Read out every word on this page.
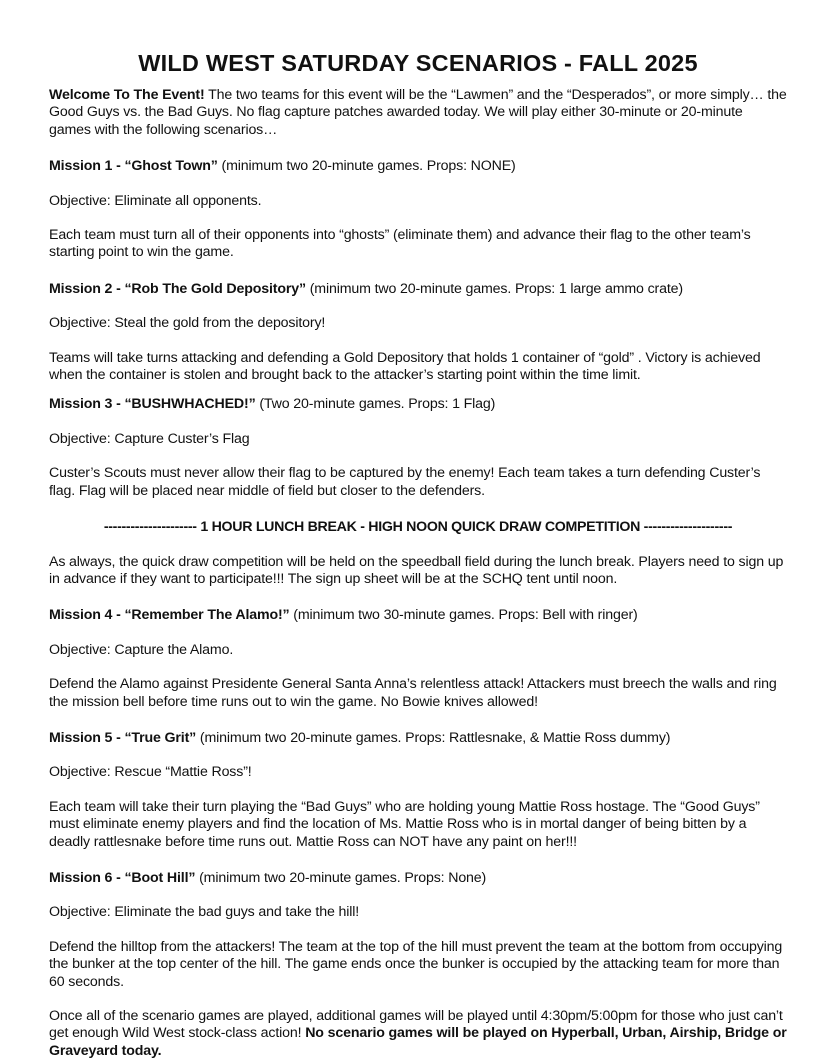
WILD WEST SATURDAY SCENARIOS - FALL 2025

Welcome To The Event! The two teams for this event will be the “Lawmen” and the “Desperados”, or more simply… the Good Guys vs. the Bad Guys. No flag capture patches awarded today. We will play either 30-minute or 20-minute games with the following scenarios…

Mission 1 - “Ghost Town” (minimum two 20-minute games. Props: NONE)

Objective: Eliminate all opponents.

Each team must turn all of their opponents into “ghosts” (eliminate them) and advance their flag to the other team’s starting point to win the game.

Mission 2 - “Rob The Gold Depository” (minimum two 20-minute games. Props: 1 large ammo crate)

Objective: Steal the gold from the depository!

Teams will take turns attacking and defending a Gold Depository that holds 1 container of “gold” . Victory is achieved when the container is stolen and brought back to the attacker’s starting point within the time limit.

Mission 3 - “BUSHWHACHED!” (Two 20-minute games. Props: 1 Flag)

Objective: Capture Custer’s Flag

Custer’s Scouts must never allow their flag to be captured by the enemy! Each team takes a turn defending Custer’s flag. Flag will be placed near middle of field but closer to the defenders.

--------------------- 1 HOUR LUNCH BREAK - HIGH NOON QUICK DRAW COMPETITION --------------------

As always, the quick draw competition will be held on the speedball field during the lunch break. Players need to sign up in advance if they want to participate!!! The sign up sheet will be at the SCHQ tent until noon.

Mission 4 - “Remember The Alamo!” (minimum two 30-minute games. Props: Bell with ringer)

Objective: Capture the Alamo.

Defend the Alamo against Presidente General Santa Anna’s relentless attack! Attackers must breech the walls and ring the mission bell before time runs out to win the game. No Bowie knives allowed!

Mission 5 - “True Grit” (minimum two 20-minute games. Props: Rattlesnake, & Mattie Ross dummy)

Objective: Rescue “Mattie Ross”!

Each team will take their turn playing the “Bad Guys” who are holding young Mattie Ross hostage. The “Good Guys” must eliminate enemy players and find the location of Ms. Mattie Ross who is in mortal danger of being bitten by a deadly rattlesnake before time runs out. Mattie Ross can NOT have any paint on her!!!

Mission 6 - “Boot Hill” (minimum two 20-minute games. Props: None)

Objective: Eliminate the bad guys and take the hill!

Defend the hilltop from the attackers! The team at the top of the hill must prevent the team at the bottom from occupying the bunker at the top center of the hill. The game ends once the bunker is occupied by the attacking team for more than 60 seconds.

Once all of the scenario games are played, additional games will be played until 4:30pm/5:00pm for those who just can’t get enough Wild West stock-class action! No scenario games will be played on Hyperball, Urban, Airship, Bridge or Graveyard today.
